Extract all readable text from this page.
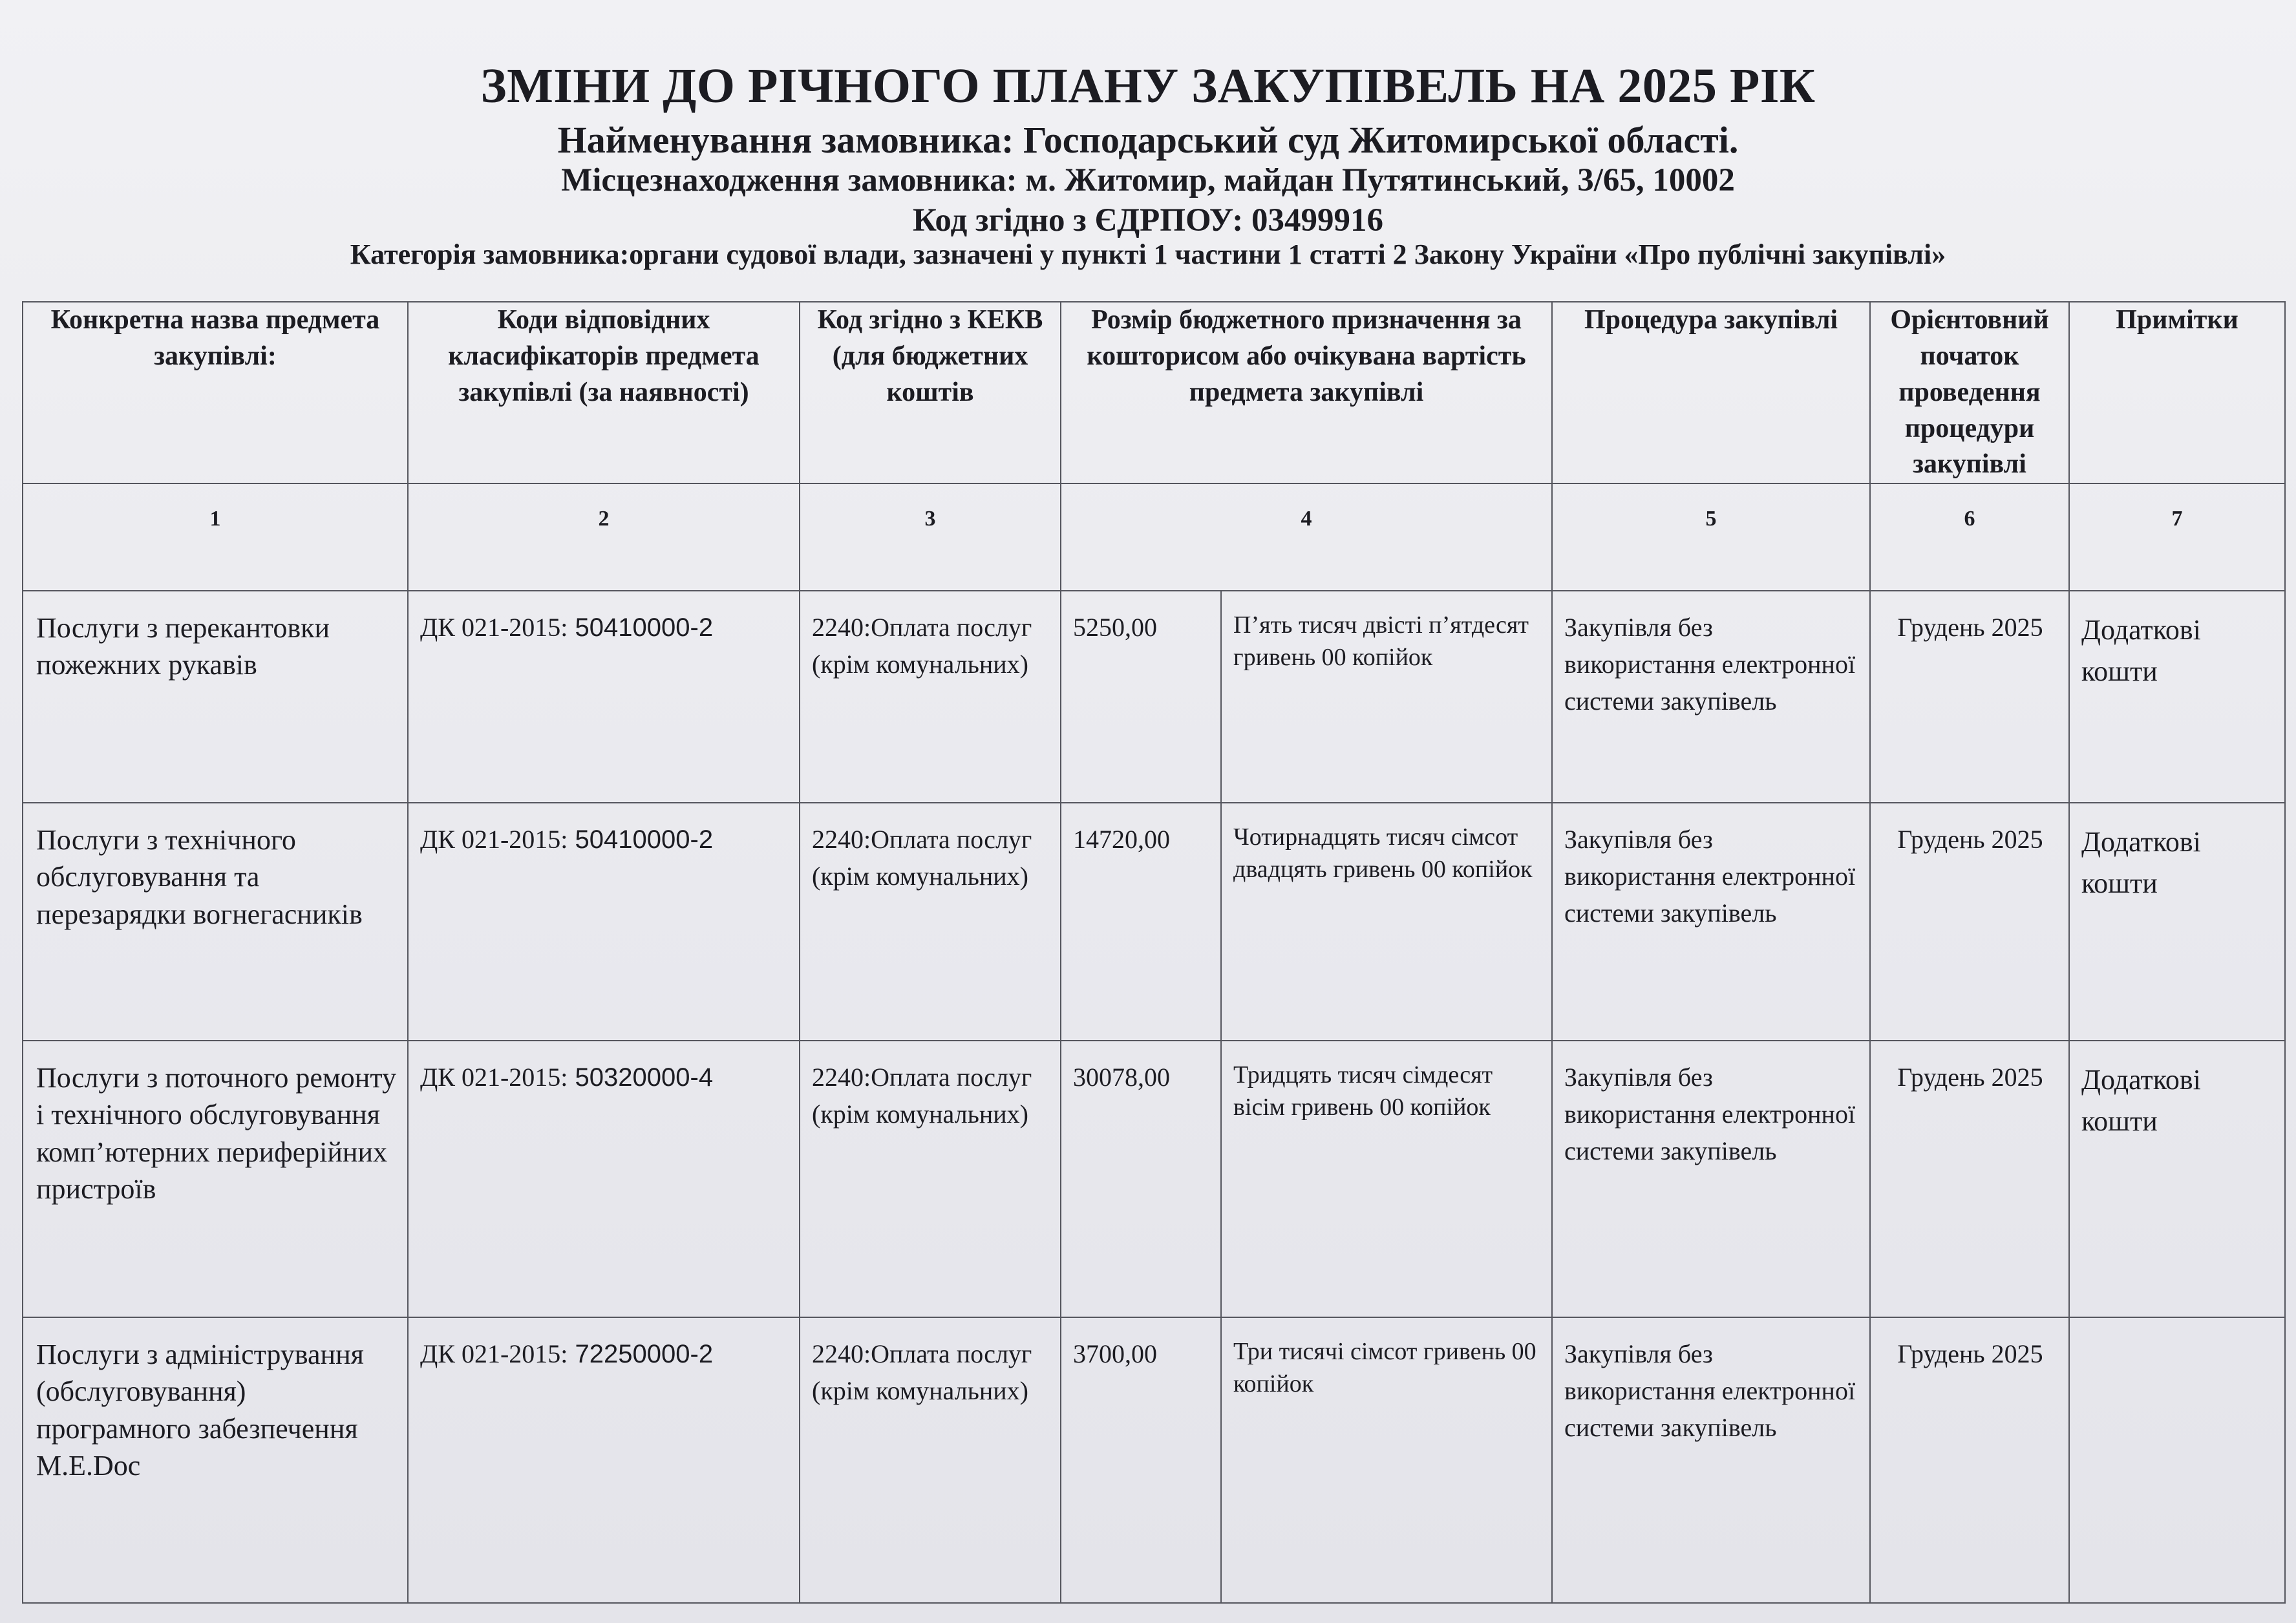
ЗМІНИ ДО РІЧНОГО ПЛАНУ ЗАКУПІВЕЛЬ НА 2025 РІК
Найменування замовника: Господарський суд Житомирської області.
Місцезнаходження замовника: м. Житомир, майдан Путятинський, 3/65, 10002
Код згідно з ЄДРПОУ: 03499916
Категорія замовника:органи судової влади, зазначені у пункті 1 частини 1 статті 2 Закону України «Про публічні закупівлі»
Конкретна назва предмета закупівлі:	Коди відповідних класифікаторів предмета закупівлі (за наявності)	Код згідно з КЕКВ (для бюджетних коштів	Розмір бюджетного призначення за кошторисом або очікувана вартість предмета закупівлі		Процедура закупівлі	Орієнтовний початок проведення процедури закупівлі	Примітки
1	2	3	4		5	6	7

Послуги з перекантовки пожежних рукавів	ДК 021-2015: 50410000-2	2240:Оплата послуг (крім комунальних)	5250,00	П’ять тисяч двісті п’ятдесят гривень 00 копійок	Закупівля без використання електронної системи закупівель	Грудень 2025	Додаткові кошти

Послуги з технічного обслуговування та перезарядки вогнегасників	ДК 021-2015: 50410000-2	2240:Оплата послуг (крім комунальних)	14720,00	Чотирнадцять тисяч сімсот двадцять гривень 00 копійок	Закупівля без використання електронної системи закупівель	Грудень 2025	Додаткові кошти

Послуги з поточного ремонту і технічного обслуговування комп’ютерних периферійних пристроїв	ДК 021-2015: 50320000-4	2240:Оплата послуг (крім комунальних)	30078,00	Тридцять тисяч сімдесят вісім гривень 00 копійок	Закупівля без використання електронної системи закупівель	Грудень 2025	Додаткові кошти

Послуги з адміністрування (обслуговування) програмного забезпечення M.E.Doc	ДК 021-2015: 72250000-2	2240:Оплата послуг (крім комунальних)	3700,00	Три тисячі сімсот гривень 00 копійок	Закупівля без використання електронної системи закупівель	Грудень 2025	
